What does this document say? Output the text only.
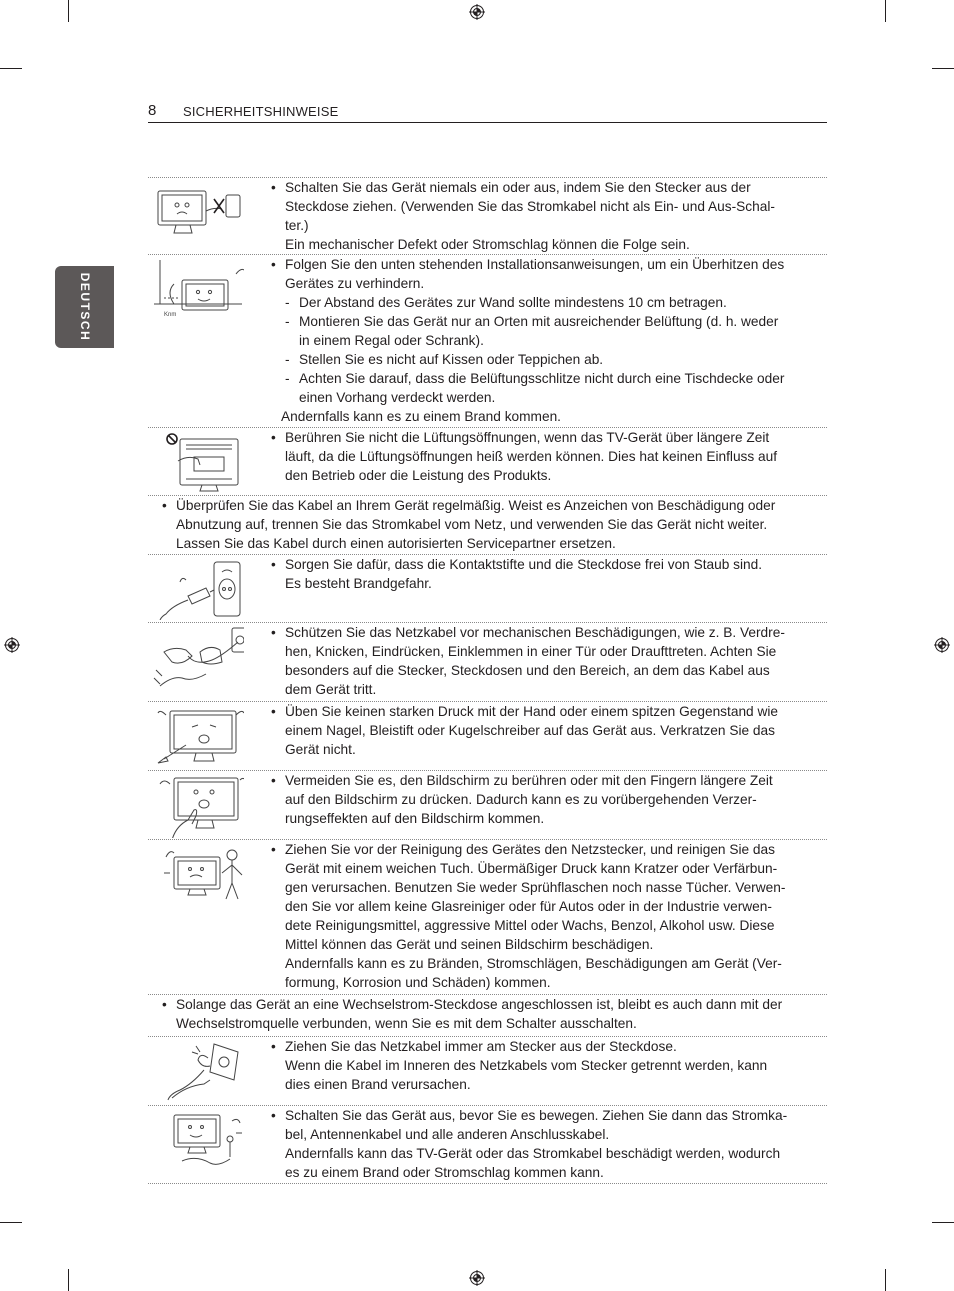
8 SICHERHEITSHINWEISE
DEUTSCH
• Schalten Sie das Gerät niemals ein oder aus, indem Sie den Stecker aus der
Steckdose ziehen. (Verwenden Sie das Stromkabel nicht als Ein- und Aus-Schal-
ter.)
Ein mechanischer Defekt oder Stromschlag können die Folge sein.
Knm
• Folgen Sie den unten stehenden Installationsanweisungen, um ein Überhitzen des
Gerätes zu verhindern.
- Der Abstand des Gerätes zur Wand sollte mindestens 10 cm betragen.
- Montieren Sie das Gerät nur an Orten mit ausreichender Belüftung (d. h. weder
in einem Regal oder Schrank).
- Stellen Sie es nicht auf Kissen oder Teppichen ab.
- Achten Sie darauf, dass die Belüftungsschlitze nicht durch eine Tischdecke oder
einen Vorhang verdeckt werden.
Andernfalls kann es zu einem Brand kommen.
• Berühren Sie nicht die Lüftungsöffnungen, wenn das TV-Gerät über längere Zeit
läuft, da die Lüftungsöffnungen heiß werden können. Dies hat keinen Einfluss auf
den Betrieb oder die Leistung des Produkts.
• Überprüfen Sie das Kabel an Ihrem Gerät regelmäßig. Weist es Anzeichen von Beschädigung oder
Abnutzung auf, trennen Sie das Stromkabel vom Netz, und verwenden Sie das Gerät nicht weiter.
Lassen Sie das Kabel durch einen autorisierten Servicepartner ersetzen.
• Sorgen Sie dafür, dass die Kontaktstifte und die Steckdose frei von Staub sind.
Es besteht Brandgefahr.
• Schützen Sie das Netzkabel vor mechanischen Beschädigungen, wie z. B. Verdre-
hen, Knicken, Eindrücken, Einklemmen in einer Tür oder Draufttreten. Achten Sie
besonders auf die Stecker, Steckdosen und den Bereich, an dem das Kabel aus
dem Gerät tritt.
• Üben Sie keinen starken Druck mit der Hand oder einem spitzen Gegenstand wie
einem Nagel, Bleistift oder Kugelschreiber auf das Gerät aus. Verkratzen Sie das
Gerät nicht.
• Vermeiden Sie es, den Bildschirm zu berühren oder mit den Fingern längere Zeit
auf den Bildschirm zu drücken. Dadurch kann es zu vorübergehenden Verzer-
rungseffekten auf den Bildschirm kommen.
• Ziehen Sie vor der Reinigung des Gerätes den Netzstecker, und reinigen Sie das
Gerät mit einem weichen Tuch. Übermäßiger Druck kann Kratzer oder Verfärbun-
gen verursachen. Benutzen Sie weder Sprühflaschen noch nasse Tücher. Verwen-
den Sie vor allem keine Glasreiniger oder für Autos oder in der Industrie verwen-
dete Reinigungsmittel, aggressive Mittel oder Wachs, Benzol, Alkohol usw. Diese
Mittel können das Gerät und seinen Bildschirm beschädigen.
Andernfalls kann es zu Bränden, Stromschlägen, Beschädigungen am Gerät (Ver-
formung, Korrosion und Schäden) kommen.
• Solange das Gerät an eine Wechselstrom-Steckdose angeschlossen ist, bleibt es auch dann mit der
Wechselstromquelle verbunden, wenn Sie es mit dem Schalter ausschalten.
• Ziehen Sie das Netzkabel immer am Stecker aus der Steckdose.
Wenn die Kabel im Inneren des Netzkabels vom Stecker getrennt werden, kann
dies einen Brand verursachen.
• Schalten Sie das Gerät aus, bevor Sie es bewegen. Ziehen Sie dann das Stromka-
bel, Antennenkabel und alle anderen Anschlusskabel.
Andernfalls kann das TV-Gerät oder das Stromkabel beschädigt werden, wodurch
es zu einem Brand oder Stromschlag kommen kann.
